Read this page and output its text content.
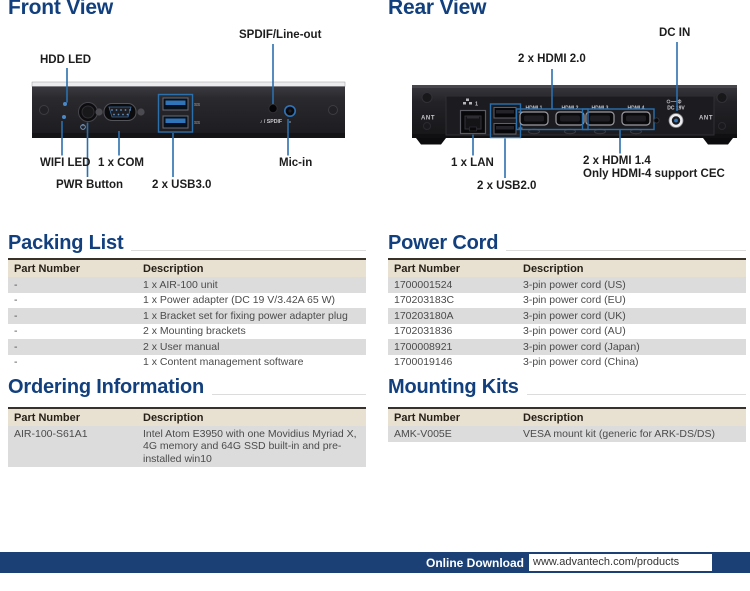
Front View	Rear View
SS
SS	♪ / SPDIF
ANT	ANT
1
HDMI 1	HDMI 2	HDMI 3	HDMI 4	DC 19V
HDD LED
SPDIF/Line-out
WIFI LED 1 x COM	Mic-in
PWR Button	2 x USB3.0
2 x HDMI 2.0
DC IN
1 x LAN
2 x USB2.0
2 x HDMI 1.4
Only HDMI-4 support CEC
Packing List	Power Cord
Ordering Information	Mounting Kits
Part Number	Description
-	1 x AIR-100 unit
-	1 x Power adapter (DC 19 V/3.42A 65 W)
-	1 x Bracket set for fixing power adapter plug
-	2 x Mounting brackets
-	2 x User manual
-	1 x Content management software
Part Number	Description
1700001524	3-pin power cord (US)
170203183C	3-pin power cord (EU)
170203180A	3-pin power cord (UK)
1702031836	3-pin power cord (AU)
1700008921	3-pin power cord (Japan)
1700019146	3-pin power cord (China)
Part Number	Description
AIR-100-S61A1	Intel Atom E3950 with one Movidius Myriad X, 4G memory and 64G SSD built-in and pre-installed win10
Part Number	Description
AMK-V005E	VESA mount kit (generic for ARK-DS/DS)
Online Download www.advantech.com/products
